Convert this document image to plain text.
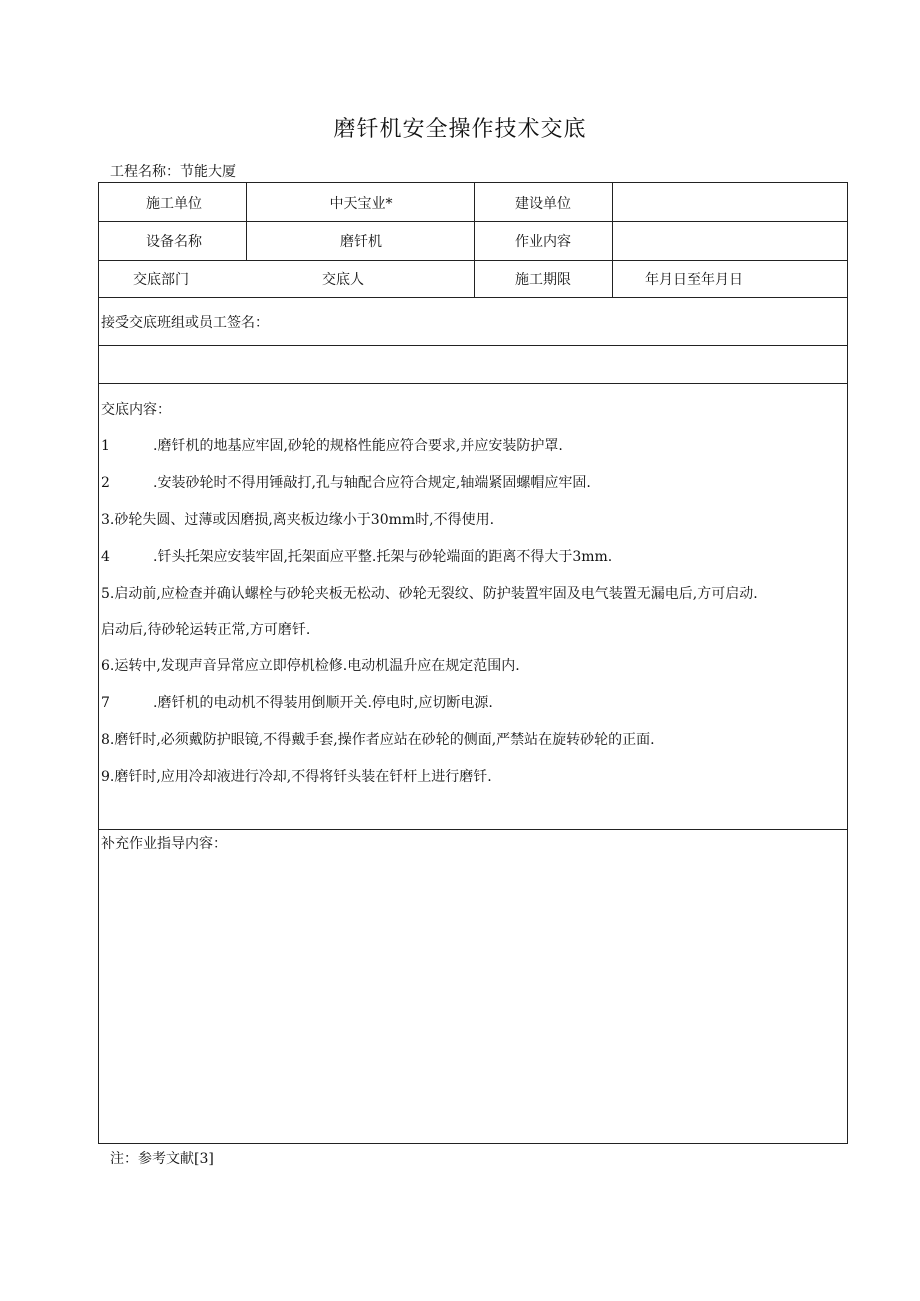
磨钎机安全操作技术交底
工程名称：节能大厦
施工单位	中天宝业*	建设单位
设备名称	磨钎机	作业内容
交底部门	交底人	施工期限	年月日至年月日
接受交底班组或员工签名：
交底内容：
1	.磨钎机的地基应牢固,砂轮的规格性能应符合要求,并应安装防护罩.
2	.安装砂轮时不得用锤敲打,孔与轴配合应符合规定,轴端紧固螺帽应牢固.
3.砂轮失圆、过薄或因磨损,离夹板边缘小于30mm时,不得使用.
4	.钎头托架应安装牢固,托架面应平整.托架与砂轮端面的距离不得大于3mm.
5.启动前,应检查并确认螺栓与砂轮夹板无松动、砂轮无裂纹、防护装置牢固及电气装置无漏电后,方可启动.
启动后,待砂轮运转正常,方可磨钎.
6.运转中,发现声音异常应立即停机检修.电动机温升应在规定范围内.
7	.磨钎机的电动机不得装用倒顺开关.停电时,应切断电源.
8.磨钎时,必须戴防护眼镜,不得戴手套,操作者应站在砂轮的侧面,严禁站在旋转砂轮的正面.
9.磨钎时,应用冷却液进行冷却,不得将钎头装在钎杆上进行磨钎.
补充作业指导内容：
注：参考文献[3]
